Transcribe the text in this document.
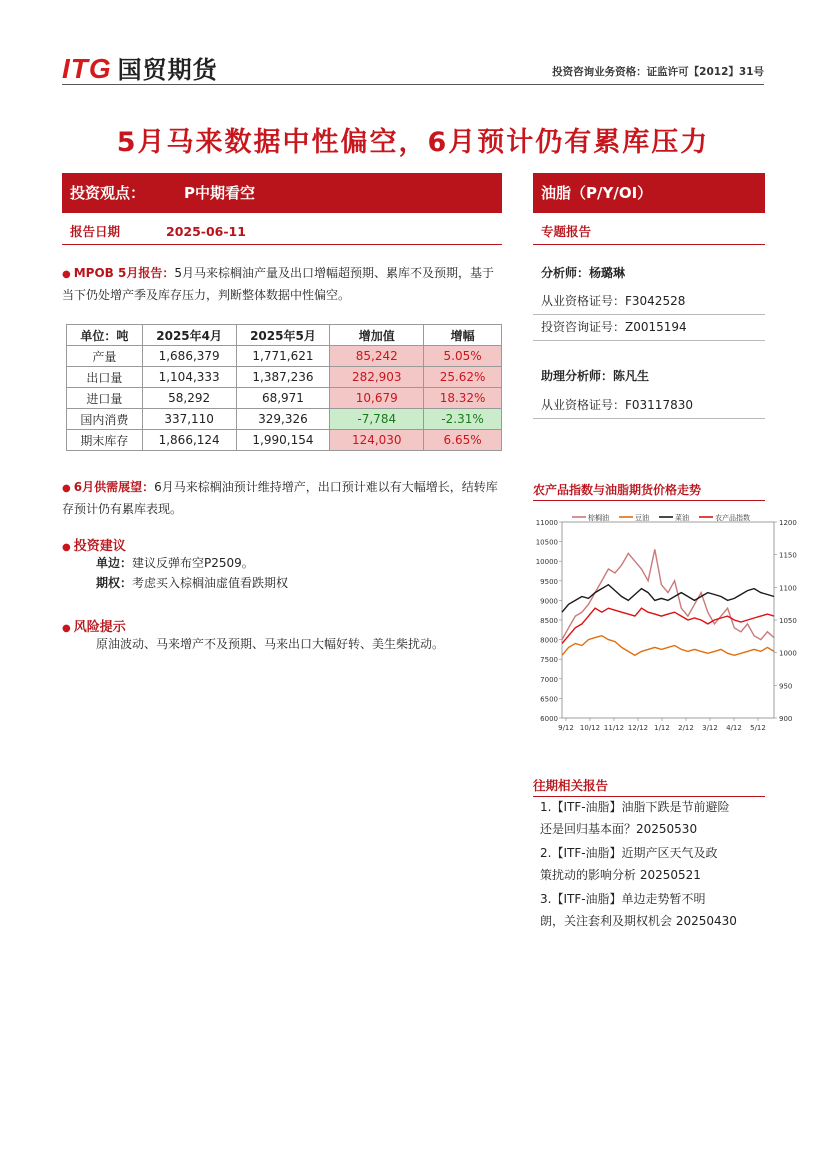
ITG 国贸期货	投资咨询业务资格：证监许可【2012】31号
5月马来数据中性偏空，6月预计仍有累库压力
投资观点：	P中期看空	油脂（P/Y/OI）
报告日期	2025-06-11	专题报告
● MPOB 5月报告：5月马来棕榈油产量及出口增幅超预期、累库不及预期，基于当下仍处增产季及库存压力，判断整体数据中性偏空。
单位：吨	2025年4月	2025年5月	增加值	增幅
产量	1,686,379	1,771,621	85,242	5.05%
出口量	1,104,333	1,387,236	282,903	25.62%
进口量	58,292	68,971	10,679	18.32%
国内消费	337,110	329,326	-7,784	-2.31%
期末库存	1,866,124	1,990,154	124,030	6.65%
● 6月供需展望：6月马来棕榈油预计维持增产，出口预计难以有大幅增长，结转库存预计仍有累库表现。
● 投资建议
单边：建议反弹布空P2509。
期权：考虑买入棕榈油虚值看跌期权
● 风险提示
原油波动、马来增产不及预期、马来出口大幅好转、美生柴扰动。
分析师：杨璐琳
从业资格证号：F3042528
投资咨询证号：Z0015194
助理分析师：陈凡生
从业资格证号：F03117830
农产品指数与油脂期货价格走势
6000
6500
7000
7500
8000
8500
9000
9500
10000
10500
11000
900
950
1000
1050
1100
1150
1200
9/12 10/12 11/12 12/12 1/12 2/12 3/12 4/12 5/12
棕榈油	豆油	菜油	农产品指数
往期相关报告
1.【ITF-油脂】油脂下跌是节前避险
还是回归基本面？20250530
2.【ITF-油脂】近期产区天气及政
策扰动的影响分析 20250521
3.【ITF-油脂】单边走势暂不明
朗，关注套利及期权机会 20250430
